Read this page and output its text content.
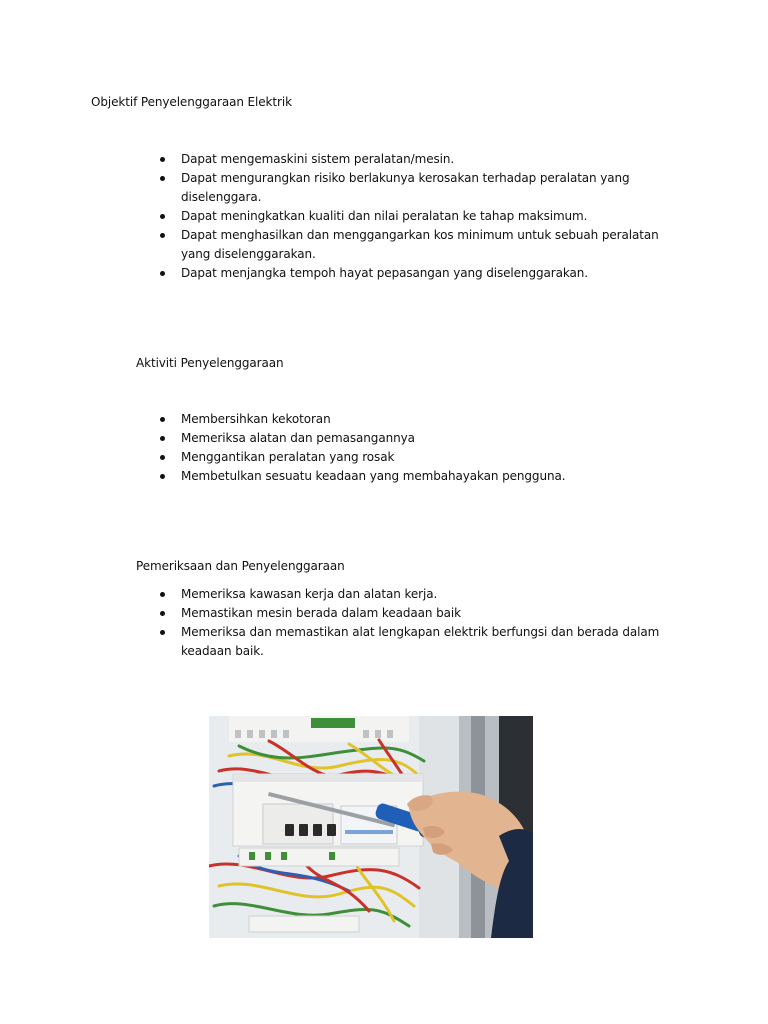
Objektif Penyelenggaraan Elektrik
Dapat mengemaskini sistem peralatan/mesin.
Dapat mengurangkan risiko berlakunya kerosakan terhadap peralatan yang diselenggara.
Dapat meningkatkan kualiti dan nilai peralatan ke tahap maksimum.
Dapat menghasilkan dan menggangarkan kos minimum untuk sebuah peralatan yang diselenggarakan.
Dapat menjangka tempoh hayat pepasangan yang diselenggarakan.
Aktiviti Penyelenggaraan
Membersihkan kekotoran
Memeriksa alatan dan pemasangannya
Menggantikan peralatan yang rosak
Membetulkan sesuatu keadaan yang membahayakan pengguna.
Pemeriksaan dan Penyelenggaraan
Memeriksa kawasan kerja dan alatan kerja.
Memastikan mesin berada dalam keadaan baik
Memeriksa dan memastikan alat lengkapan elektrik berfungsi dan berada dalam keadaan baik.
